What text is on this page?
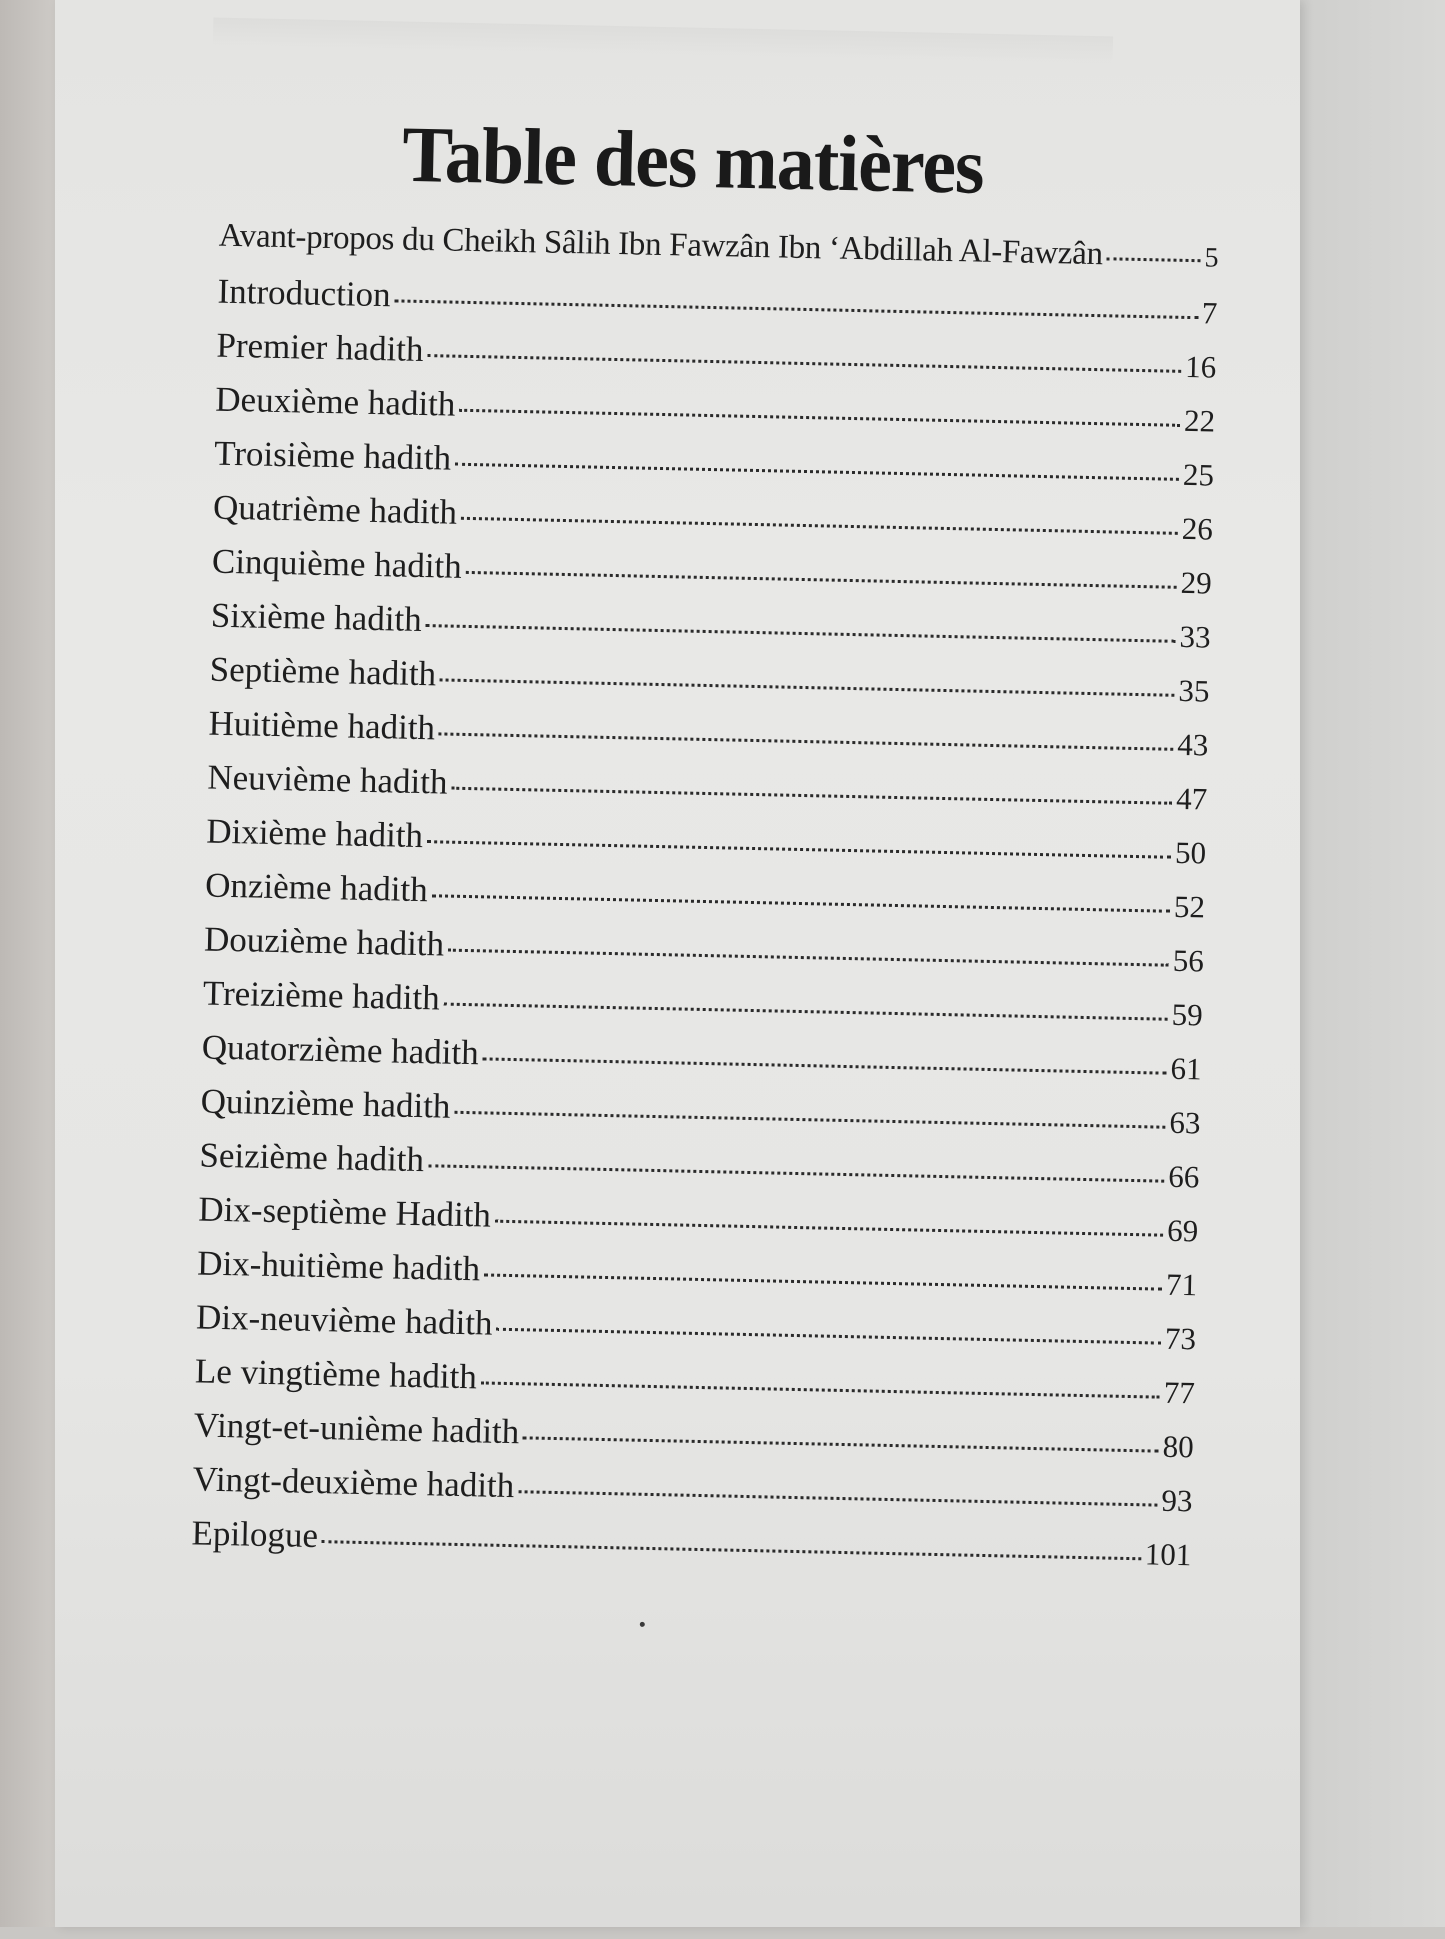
Table des matières
Avant-propos du Cheikh Sâlih Ibn Fawzân Ibn ‘Abdillah Al-Fawzân	5
Introduction	7
Premier hadith	16
Deuxième hadith	22
Troisième hadith	25
Quatrième hadith	26
Cinquième hadith	29
Sixième hadith	33
Septième hadith	35
Huitième hadith	43
Neuvième hadith	47
Dixième hadith	50
Onzième hadith	52
Douzième hadith	56
Treizième hadith	59
Quatorzième hadith	61
Quinzième hadith	63
Seizième hadith	66
Dix-septième Hadith	69
Dix-huitième hadith	71
Dix-neuvième hadith	73
Le vingtième hadith	77
Vingt-et-unième hadith	80
Vingt-deuxième hadith	93
Epilogue	101
